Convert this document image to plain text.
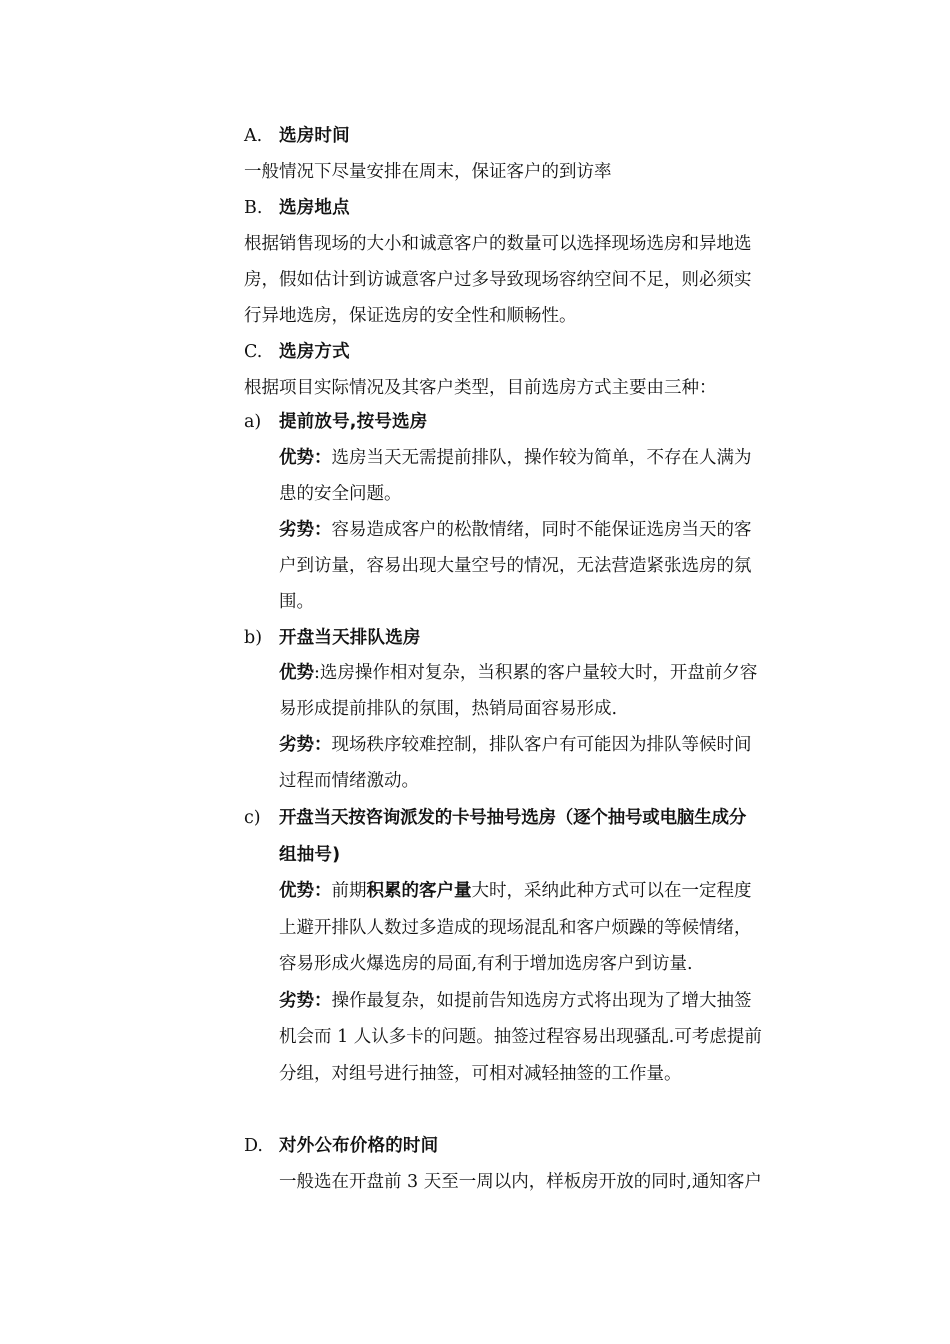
A. 选房时间
一般情况下尽量安排在周末，保证客户的到访率
B. 选房地点
根据销售现场的大小和诚意客户的数量可以选择现场选房和异地选
房，假如估计到访诚意客户过多导致现场容纳空间不足，则必须实
行异地选房，保证选房的安全性和顺畅性。
C. 选房方式
根据项目实际情况及其客户类型，目前选房方式主要由三种：
a)	提前放号,按号选房
优势：选房当天无需提前排队，操作较为简单，不存在人满为
患的安全问题。
劣势：容易造成客户的松散情绪，同时不能保证选房当天的客
户到访量，容易出现大量空号的情况，无法营造紧张选房的氛
围。
b) 开盘当天排队选房
优势:选房操作相对复杂，当积累的客户量较大时，开盘前夕容
易形成提前排队的氛围，热销局面容易形成.
劣势：现场秩序较难控制，排队客户有可能因为排队等候时间
过程而情绪激动。
c)	开盘当天按咨询派发的卡号抽号选房（逐个抽号或电脑生成分
组抽号)
优势：前期积累的客户量大时，采纳此种方式可以在一定程度
上避开排队人数过多造成的现场混乱和客户烦躁的等候情绪，
容易形成火爆选房的局面,有利于增加选房客户到访量.
劣势：操作最复杂，如提前告知选房方式将出现为了增大抽签
机会而 1 人认多卡的问题。抽签过程容易出现骚乱.可考虑提前
分组，对组号进行抽签，可相对减轻抽签的工作量。
D. 对外公布价格的时间
一般选在开盘前 3 天至一周以内，样板房开放的同时,通知客户
